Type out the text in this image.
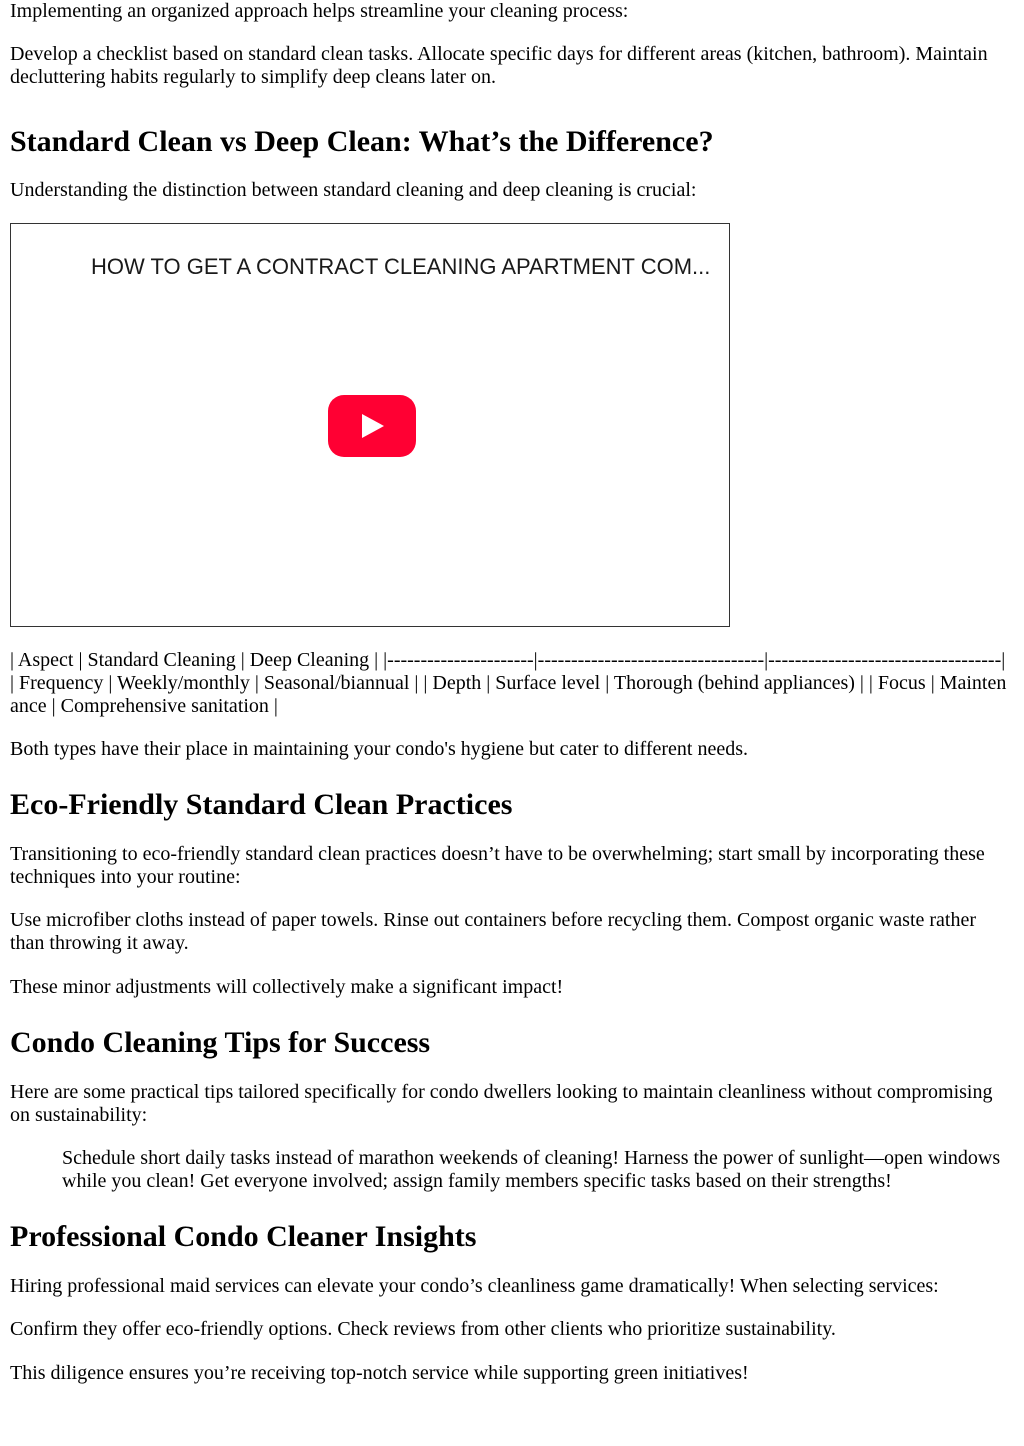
Implementing an organized approach helps streamline your cleaning process:

Develop a checklist based on standard clean tasks. Allocate specific days for different areas (kitchen, bathroom). Maintain decluttering habits regularly to simplify deep cleans later on.

Standard Clean vs Deep Clean: What’s the Difference?

Understanding the distinction between standard cleaning and deep cleaning is crucial:

HOW TO GET A CONTRACT CLEANING APARTMENT COM...

| Aspect | Standard Cleaning | Deep Cleaning | |----------------------|----------------------------------|-----------------------------------| | Frequency | Weekly/monthly | Seasonal/biannual | | Depth | Surface level | Thorough (behind appliances) | | Focus | Maintenance | Comprehensive sanitation |

Both types have their place in maintaining your condo's hygiene but cater to different needs.

Eco-Friendly Standard Clean Practices

Transitioning to eco-friendly standard clean practices doesn’t have to be overwhelming; start small by incorporating these techniques into your routine:

Use microfiber cloths instead of paper towels. Rinse out containers before recycling them. Compost organic waste rather than throwing it away.

These minor adjustments will collectively make a significant impact!

Condo Cleaning Tips for Success

Here are some practical tips tailored specifically for condo dwellers looking to maintain cleanliness without compromising on sustainability:

Schedule short daily tasks instead of marathon weekends of cleaning! Harness the power of sunlight—open windows while you clean! Get everyone involved; assign family members specific tasks based on their strengths!

Professional Condo Cleaner Insights

Hiring professional maid services can elevate your condo’s cleanliness game dramatically! When selecting services:

Confirm they offer eco-friendly options. Check reviews from other clients who prioritize sustainability.

This diligence ensures you’re receiving top-notch service while supporting green initiatives!
